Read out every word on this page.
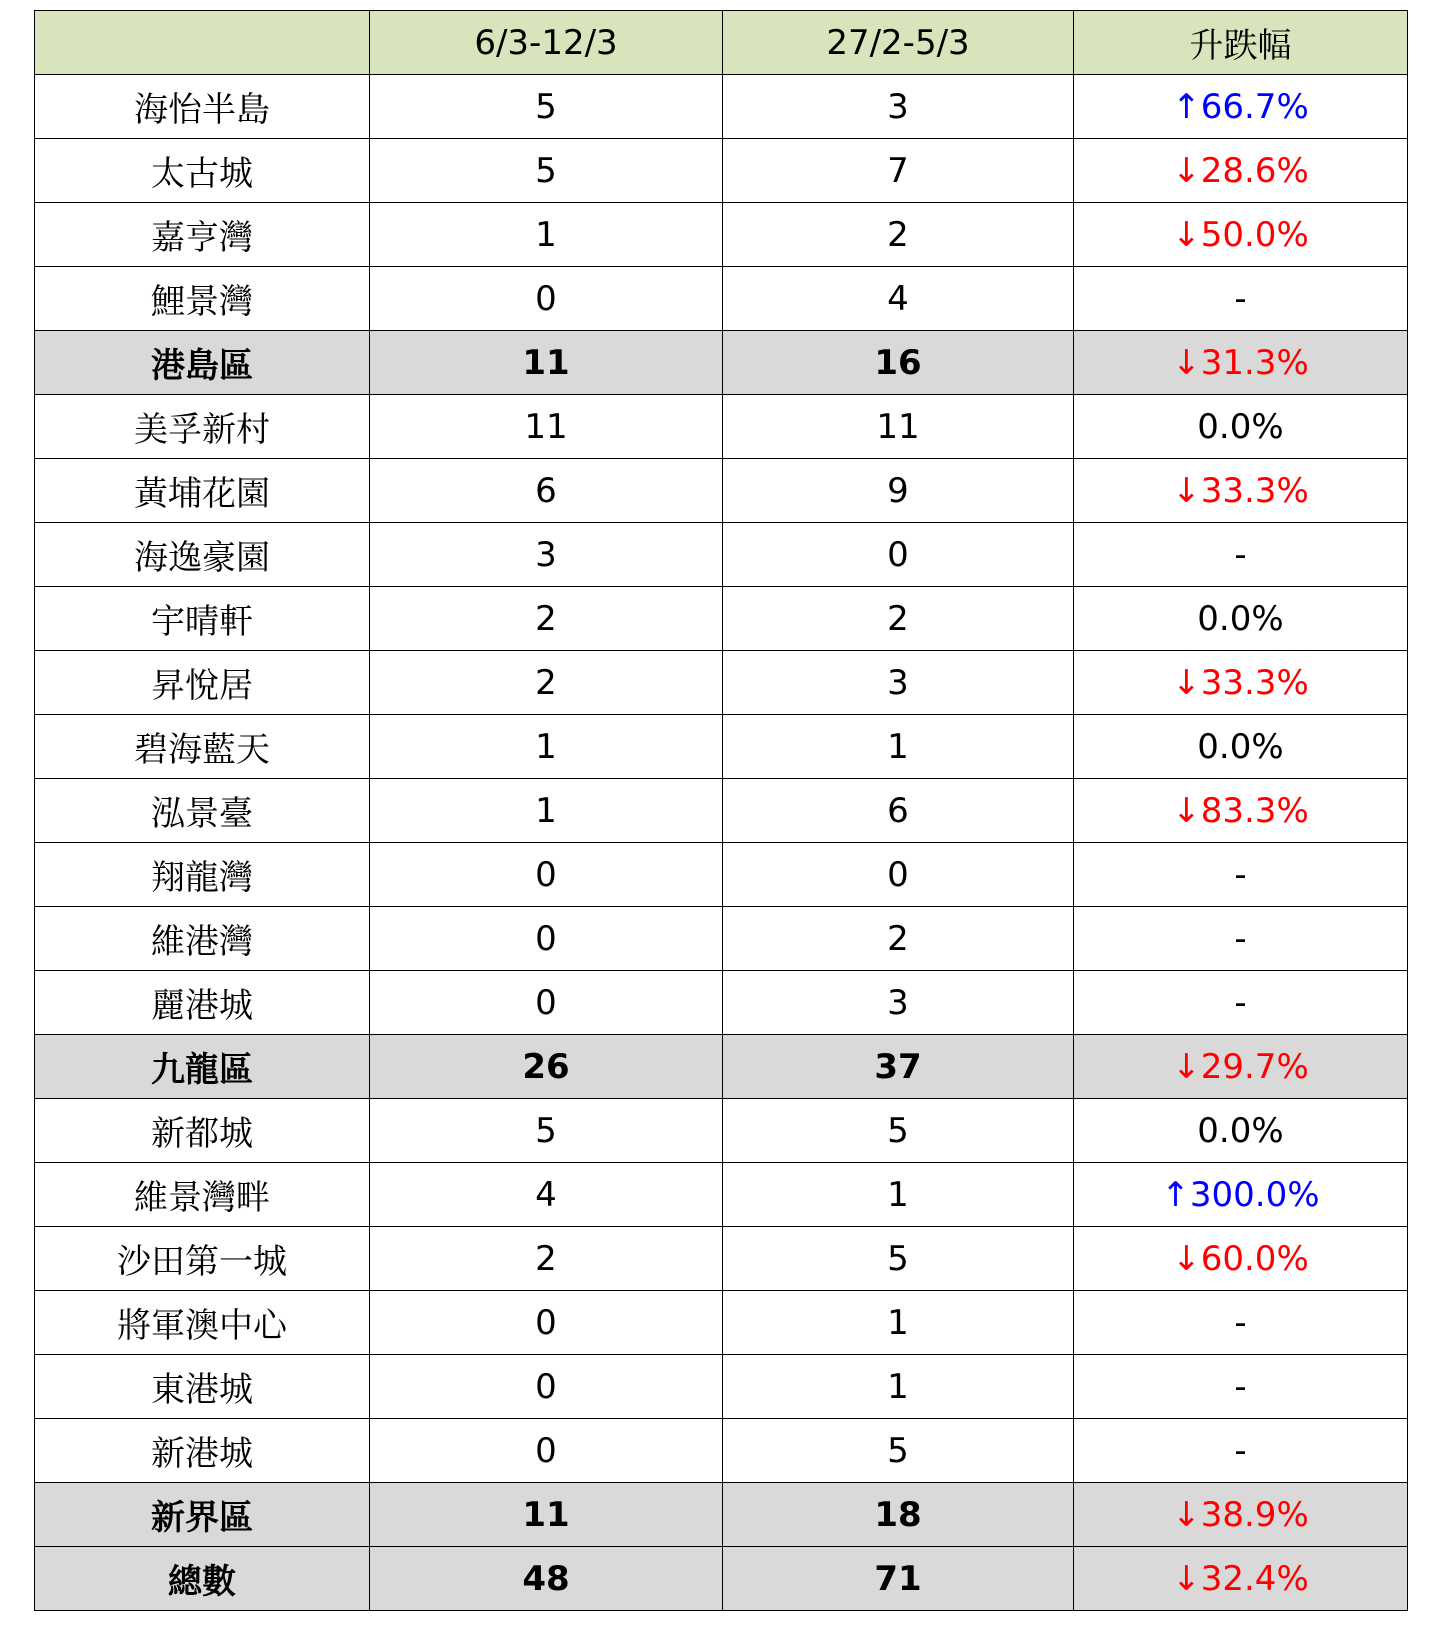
	6/3-12/3	27/2-5/3	升跌幅
海怡半島	5	3	↑66.7%
太古城	5	7	↓28.6%
嘉亨灣	1	2	↓50.0%
鯉景灣	0	4	-
港島區	11	16	↓31.3%
美孚新村	11	11	0.0%
黃埔花園	6	9	↓33.3%
海逸豪園	3	0	-
宇晴軒	2	2	0.0%
昇悅居	2	3	↓33.3%
碧海藍天	1	1	0.0%
泓景臺	1	6	↓83.3%
翔龍灣	0	0	-
維港灣	0	2	-
麗港城	0	3	-
九龍區	26	37	↓29.7%
新都城	5	5	0.0%
維景灣畔	4	1	↑300.0%
沙田第一城	2	5	↓60.0%
將軍澳中心	0	1	-
東港城	0	1	-
新港城	0	5	-
新界區	11	18	↓38.9%
總數	48	71	↓32.4%
